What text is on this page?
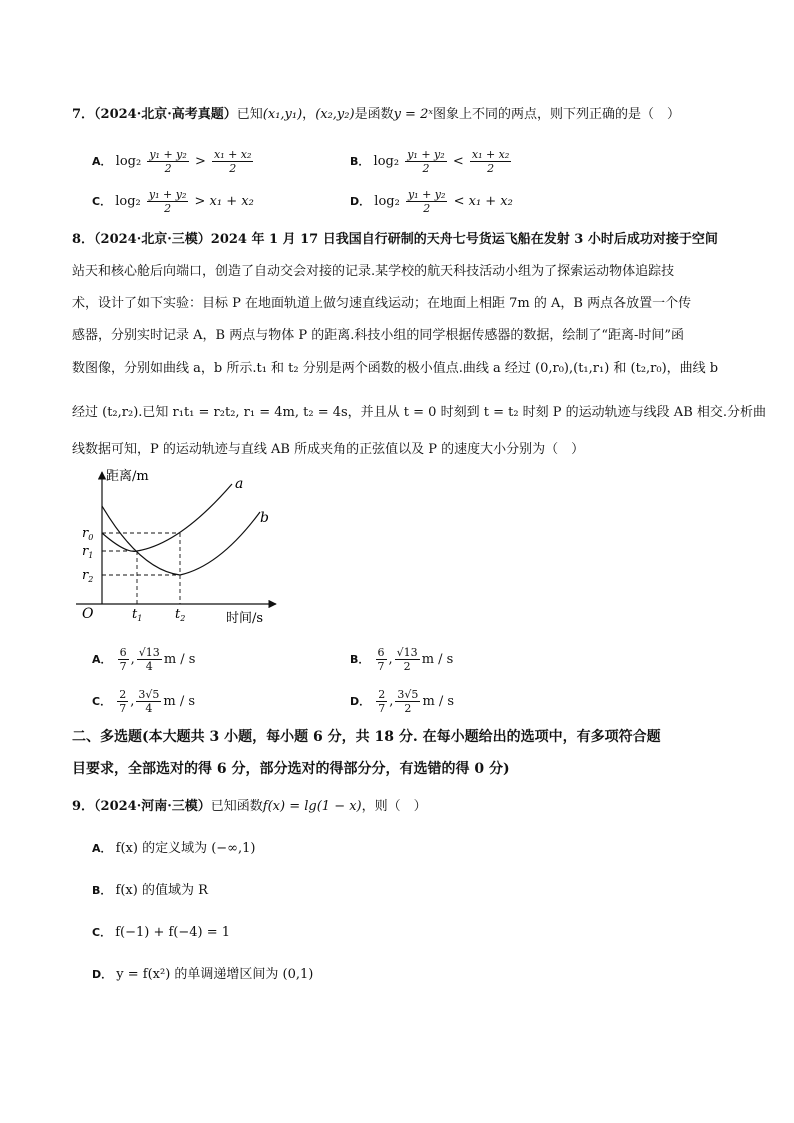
7．（2024·北京·高考真题）已知(x₁,y₁)，(x₂,y₂)是函数y = 2ˣ图象上不同的两点，则下列正确的是（　）
A． $\log_2 \frac{\text{y₁ + y₂}}{2} > \frac{\text{x₁ + x₂}}{2}$	B． $\log_2 \frac{\text{y₁ + y₂}}{2} < \frac{\text{x₁ + x₂}}{2}$
C． $\log_2 \frac{\text{y₁ + y₂}}{2} > x_1 + x_2$	D． $\log_2 \frac{\text{y₁ + y₂}}{2} < x_1 + x_2$
8．（2024·北京·三模）2024 年 1 月 17 日我国自行研制的天舟七号货运飞船在发射 3 小时后成功对接于空间
站天和核心舱后向端口，创造了自动交会对接的记录.某学校的航天科技活动小组为了探索运动物体追踪技
术，设计了如下实验：目标 P 在地面轨道上做匀速直线运动；在地面上相距 7m 的 A，B 两点各放置一个传
感器，分别实时记录 A，B 两点与物体 P 的距离.科技小组的同学根据传感器的数据，绘制了“距离-时间”函
数图像，分别如曲线 a，b 所示.t₁ 和 t₂ 分别是两个函数的极小值点.曲线 a 经过 (0,r₀),(t₁,r₁) 和 (t₂,r₀)，曲线 b
经过 (t₂,r₂).已知 r₁t₁ = r₂t₂, r₁ = 4m, t₂ = 4s，并且从 t = 0 时刻到 t = t₂ 时刻 P 的运动轨迹与线段 AB 相交.分析曲
线数据可知，P 的运动轨迹与直线 AB 所成夹角的正弦值以及 P 的速度大小分别为（　）
距离/m
时间/s
O
a
b
$r_0$
$r_1$
$r_2$
$t_1$	$t_2$
A． $\frac{6}{7}$ , $\frac{√13}{4}$ m / s	B． $\frac{6}{7}$ , $\frac{√13}{2}$ m / s
C． $\frac{2}{7}$ , $\frac{3√5}{4}$ m / s	D． $\frac{2}{7}$ , $\frac{3√5}{2}$ m / s
二、多选题(本大题共 3 小题，每小题 6 分，共 18 分. 在每小题给出的选项中，有多项符合题
目要求，全部选对的得 6 分，部分选对的得部分分，有选错的得 0 分)
9．（2024·河南·三模）已知函数f(x) = lg(1 − x)，则（　）
A． f(x) 的定义域为 (−∞,1)
B． f(x) 的值域为 R
C． f(−1) + f(−4) = 1
D． y = f(x²) 的单调递增区间为 (0,1)
